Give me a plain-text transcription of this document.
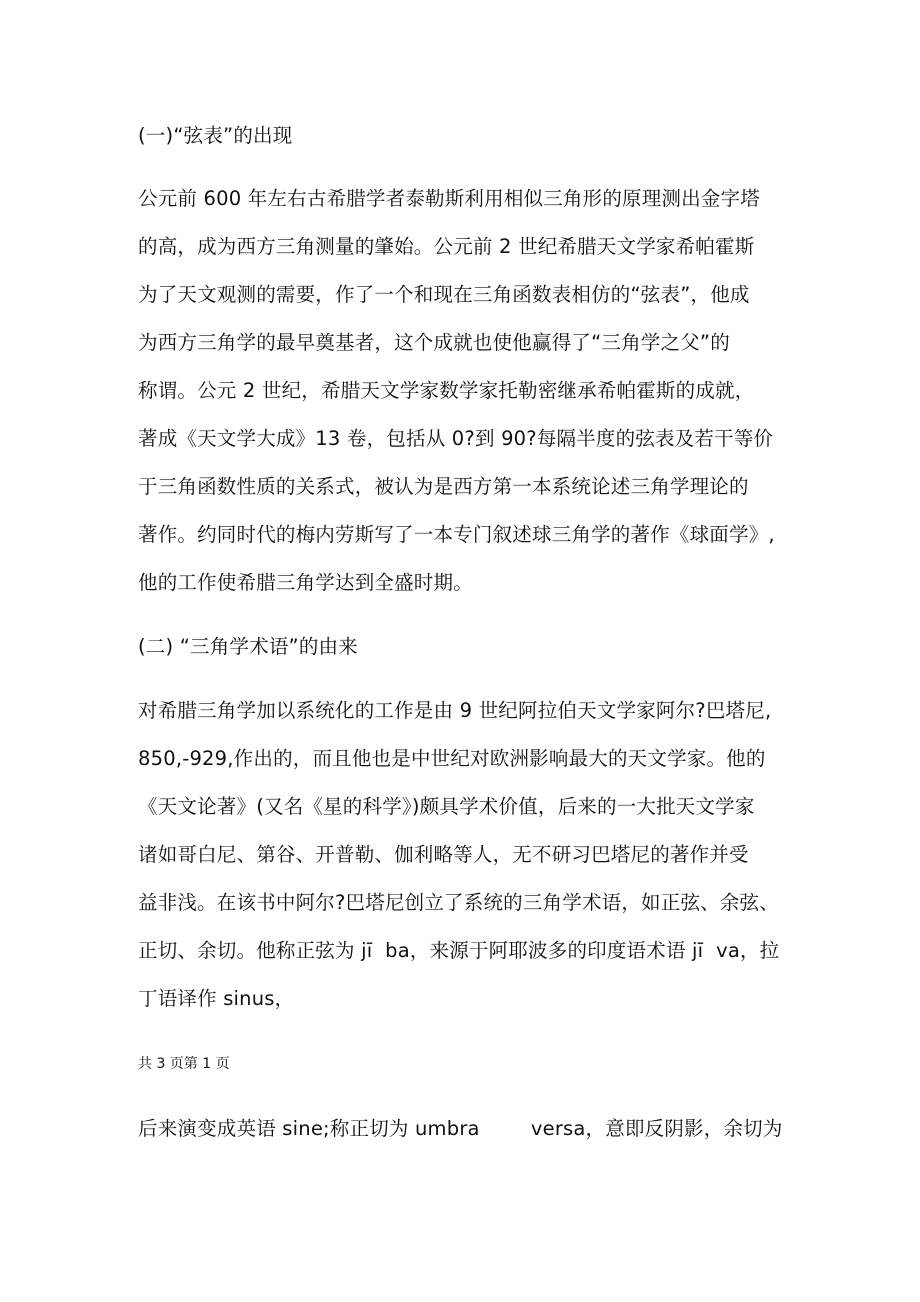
(一)“弦表”的出现
公元前 600 年左右古希腊学者泰勒斯利用相似三角形的原理测出金字塔
的高，成为西方三角测量的肇始。公元前 2 世纪希腊天文学家希帕霍斯
为了天文观测的需要，作了一个和现在三角函数表相仿的“弦表”，他成
为西方三角学的最早奠基者，这个成就也使他赢得了“三角学之父”的
称谓。公元 2 世纪，希腊天文学家数学家托勒密继承希帕霍斯的成就，
著成《天文学大成》13 卷，包括从 0?到 90?每隔半度的弦表及若干等价
于三角函数性质的关系式，被认为是西方第一本系统论述三角学理论的
著作。约同时代的梅内劳斯写了一本专门叙述球三角学的著作《球面学》,
他的工作使希腊三角学达到全盛时期。
(二) “三角学术语”的由来
对希腊三角学加以系统化的工作是由 9 世纪阿拉伯天文学家阿尔?巴塔尼,
850,-929,作出的，而且他也是中世纪对欧洲影响最大的天文学家。他的
《天文论著》(又名《星的科学》)颇具学术价值，后来的一大批天文学家
诸如哥白尼、第谷、开普勒、伽利略等人，无不研习巴塔尼的著作并受
益非浅。在该书中阿尔?巴塔尼创立了系统的三角学术语，如正弦、余弦、
正切、余切。他称正弦为 jī  ba，来源于阿耶波多的印度语术语 jī  va，拉
丁语译作 sinus，
共 3 页第 1 页
后来演变成英语 sine;称正切为 umbra        versa，意即反阴影，余切为
